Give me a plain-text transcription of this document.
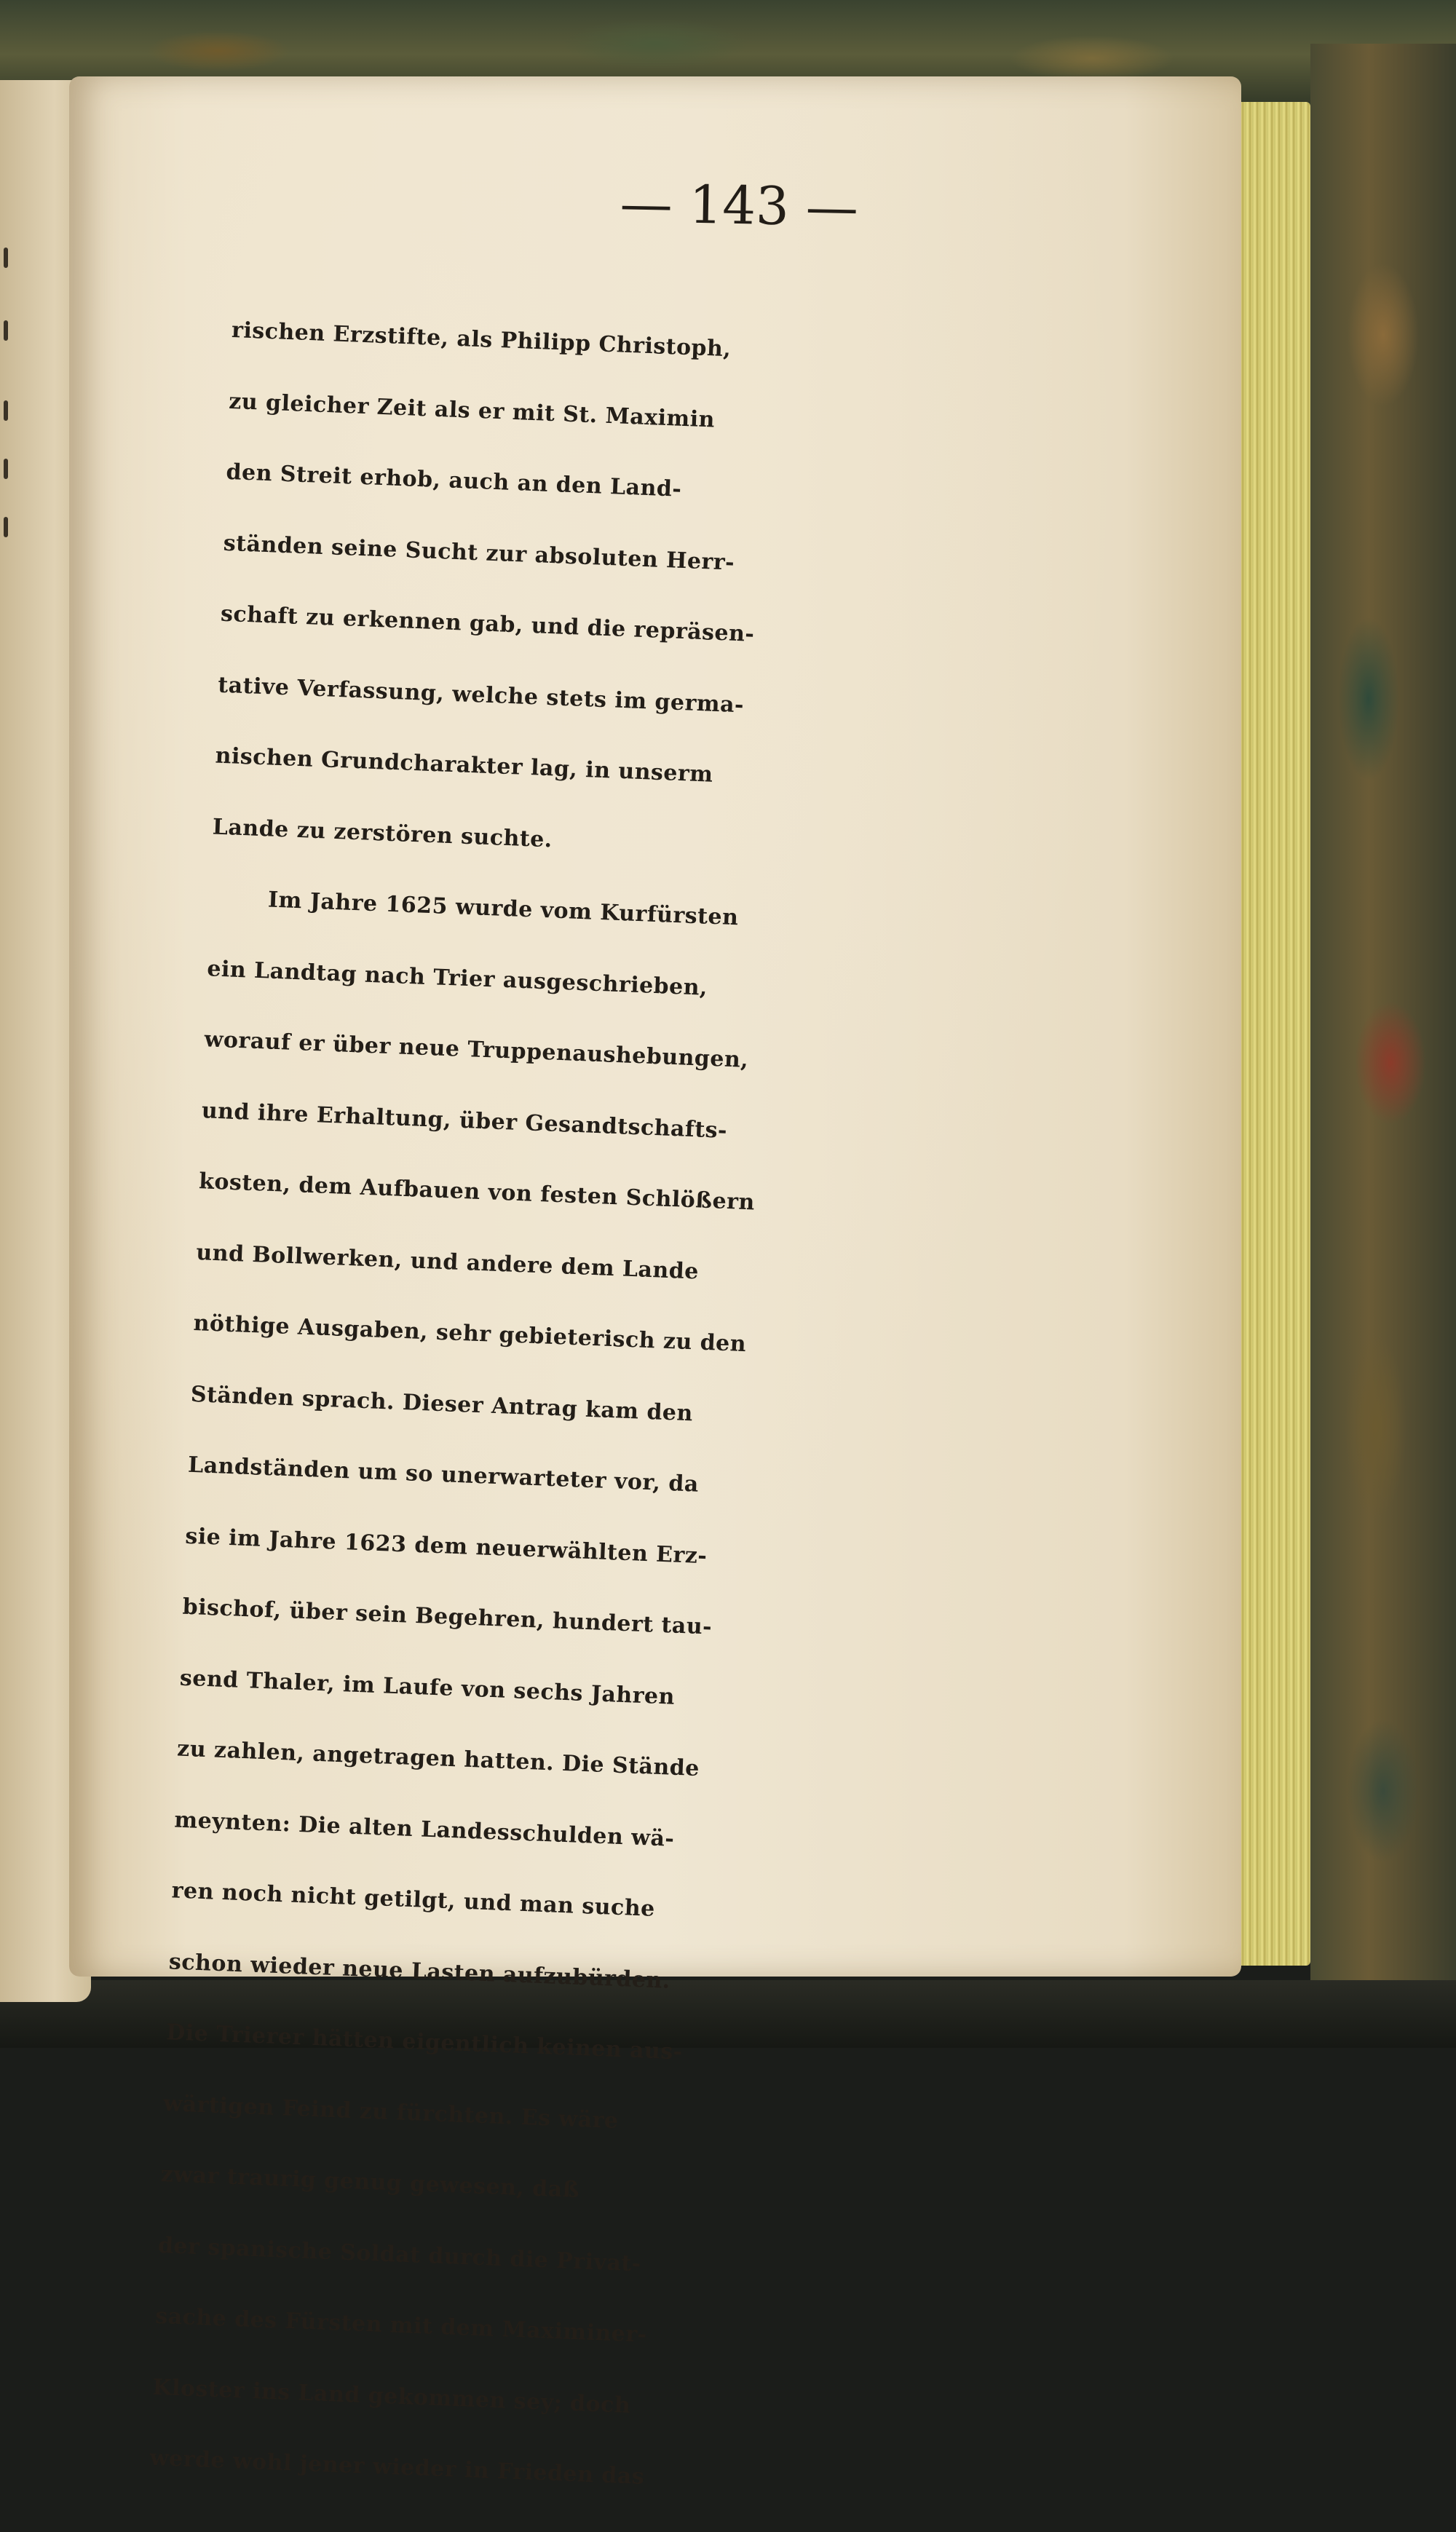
— 143 —
rischen Erzstifte, als Philipp Christoph,
zu gleicher Zeit als er mit St. Maximin
den Streit erhob, auch an den Land-
ständen seine Sucht zur absoluten Herr-
schaft zu erkennen gab, und die repräsen-
tative Verfassung, welche stets im germa-
nischen Grundcharakter lag, in unserm
Lande zu zerstören suchte.
Im Jahre 1625 wurde vom Kurfürsten
ein Landtag nach Trier ausgeschrieben,
worauf er über neue Truppenaushebungen,
und ihre Erhaltung, über Gesandtschafts-
kosten, dem Aufbauen von festen Schlößern
und Bollwerken, und andere dem Lande
nöthige Ausgaben, sehr gebieterisch zu den
Ständen sprach. Dieser Antrag kam den
Landständen um so unerwarteter vor, da
sie im Jahre 1623 dem neuerwählten Erz-
bischof, über sein Begehren, hundert tau-
send Thaler, im Laufe von sechs Jahren
zu zahlen, angetragen hatten. Die Stände
meynten: Die alten Landesschulden wä-
ren noch nicht getilgt, und man suche
schon wieder neue Lasten aufzubürden.
Die Trierer hätten eigentlich keinen aus-
wärtigen Feind zu fürchten. Es wäre
zwar traurig genug gewesen, daß
der spanische Soldat durch die Privat-
sache des Fürsten mit dem Maximiner-
Kloster ins Land gekommen sey; doch
werde wohl jener wieder in Frieden das
